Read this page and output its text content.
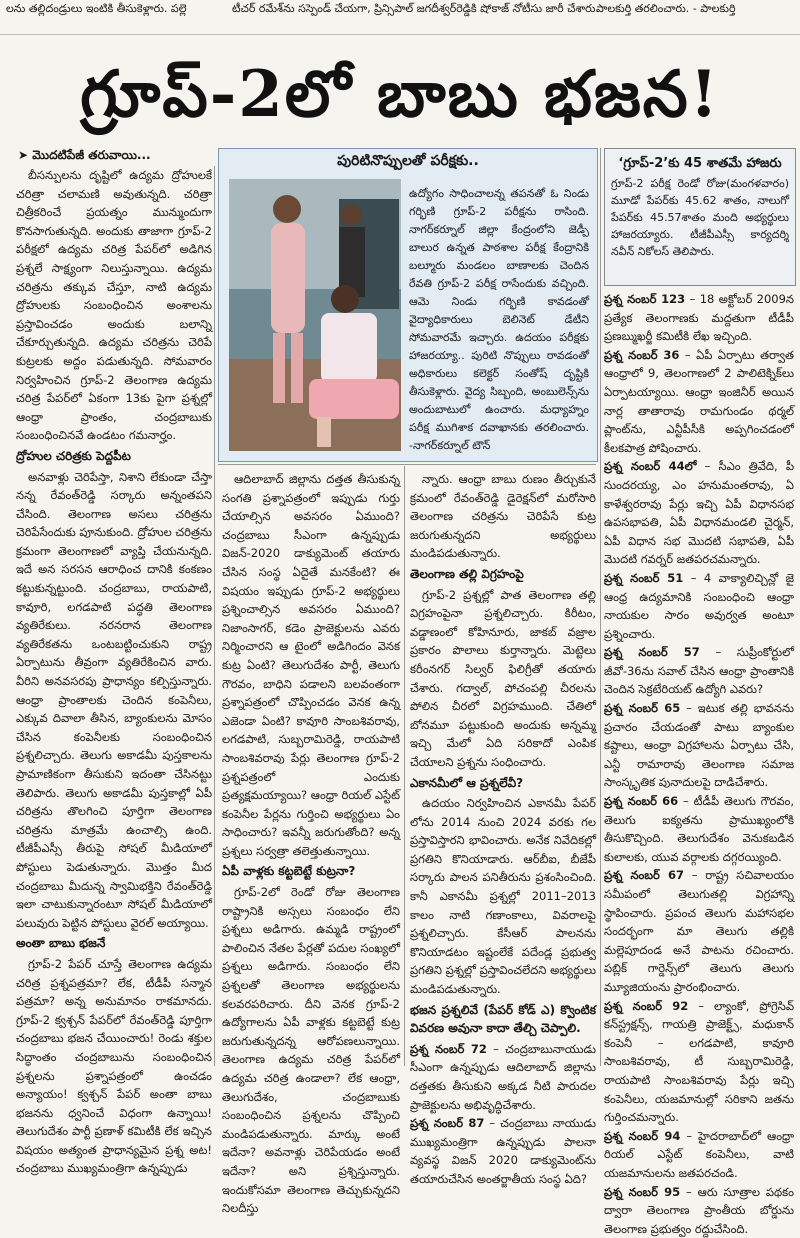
లను తల్లిదండ్రులు ఇంటికి తీసుకెళ్లారు. పల్లె	టీచర్ రమేశ్‌ను సస్పెండ్ చేయగా, ప్రిన్సిపాల్ జగదీశ్వర్‌రెడ్డికి షోకాజ్ నోటీసు జారీ చేశారు.
పాలకుర్తి తరలించారు. - పాలకుర్తి
గ్రూప్-2లో బాబు భజన!
➤ మొదటిపేజీ తరువాయి...

బీసన్పులను దృష్టిలో ఉద్యమ ద్రోహులకే చరిత్రా చలామణి అవుతున్నది. చరిత్రా చిత్రీకరించే ప్రయత్నం మున్ముందుగా కొనసాగుతున్నది. అందుకు తాజాగా గ్రూప్-2 పరీక్షలో ఉద్యమ చరిత్ర పేపర్‌లో అడిగిన ప్రశ్నలే సాక్ష్యంగా నిలుస్తున్నాయి. ఉద్యమ చరిత్రను తక్కువ చేస్తూ, నాటి ఉద్యమ ద్రోహులకు సంబంధించిన అంశాలను ప్రస్తావించడం అందుకు బలాన్ని చేకూర్చుతున్నది. ఉద్యమ చరిత్రను చెరిపే కుట్రలకు అద్దం పడుతున్నది. సోమవారం నిర్వహించిన గ్రూప్-2 తెలంగాణ ఉద్యమ చరిత్ర పేపర్‌లో ఏకంగా 13కు పైగా ప్రశ్నల్లో ఆంధ్రా ప్రాంతం, చంద్రబాబుకు సంబంధించినవే ఉండటం గమనార్హం.

ద్రోహుల చరిత్రకు పెద్దపీట

అనవాళ్లు చెరిపేస్తా, నిశాని లేకుండా చేస్తా నన్న రేవంత్‌రెడ్డి సర్కారు అన్నంతపని చేసింది. తెలంగాణ అసలు చరిత్రను చెరిపేసేందుకు పూనుకుంది. ద్రోహుల చరిత్రను క్రమంగా తెలంగాణలో వ్యాప్తి చేయనున్నది. ఇదే అన సరసన ఆరాధించ దానికి కంకణం కట్టుకున్నట్టుంది. చంద్రబాబు, రాయపాటి, కావూరి, లగడపాటి పద్ధతి తెలంగాణ వ్యతిరేకులు. నరనరాన తెలంగాణ వ్యతిరేకతను ఒంటబట్టించుకుని రాష్ట్ర ఏర్పాటును తీవ్రంగా వ్యతిరేకించిన వారు. వీరిని అనవసరపు ప్రాధాన్యం కల్పిస్తున్నారు. ఆంధ్రా ప్రాంతాలకు చెందిన కంపెనీలు, ఎక్కువ దివాలా తీసిన, బ్యాంకులను మోసం చేసిన కంపెనీలకు సంబంధించిన ప్రశ్నలిచ్చారు. తెలుగు అకాడమీ పుస్తకాలను ప్రామాణికంగా తీసుకుని ఇదంతా చేసినట్టు తెలిపారు. తెలుగు అకాడమీ పుస్తకాల్లో ఏపీ చరిత్రను తొలగించి పూర్తిగా తెలంగాణ చరిత్రను మాత్రమే ఉంచాల్సి ఉంది. టీజీపీఎస్సీ తీరుపై సోషల్ మీడియాలో పోస్టులు పెడుతున్నారు. మొత్తం మీద చంద్రబాబు మీదున్న స్వామిభక్తిని రేవంత్‌రెడ్డి ఇలా చాటుకున్నారంటూ సోషల్ మీడియాలో పలువురు పెట్టిన పోస్టులు వైరల్ అయ్యాయి.

అంతా బాబు భజనే

గ్రూప్-2 పేపర్ చూస్తే తెలంగాణ ఉద్యమ చరిత్ర ప్రశ్నపత్రమా? లేక, టీడీపీ సన్మాన పత్రమా? అన్న అనుమానం రాకమానదు. గ్రూప్-2 క్వశ్చన్ పేపర్‌లో రేవంత్‌రెడ్డి పూర్తిగా చంద్రబాబు భజన చేయించారు! రెండు శక్తుల సిద్ధాంతం చంద్రబాబును సంబంధించిన ప్రశ్నలను ప్రశ్నాపత్రంలో ఉంచడం అన్యాయం! క్వశ్చన్ పేపర్ అంతా బాబు భజనను ధ్వనించే విధంగా ఉన్నాయి! తెలుగుదేశం పార్టీ ప్రణాళ్ కమిటీకి లేక ఇచ్చిన విషయం అత్యంత ప్రాధాన్యమైన ప్రశ్న అట! చంద్రబాబు ముఖ్యమంత్రిగా ఉన్నప్పుడు

పురిటినొప్పులతో పరీక్షకు..
ఉద్యోగం సాధించాలన్న తపనతో ఓ నిండు గర్భిణి గ్రూప్-2 పరీక్షను రాసింది. నాగర్‌కర్నూల్ జిల్లా కేంద్రంలోని జెడ్పీ బాలుర ఉన్నత పాఠశాల పరీక్ష కేంద్రానికి బల్మూరు మండలం బాణాలకు చెందిన రేవతి గ్రూప్-2 పరీక్ష రాసేందుకు వచ్చింది. ఆమె నిండు గర్భిణి కావడంతో వైద్యాధికారులు బెలినెట్ డేటీని సోమవారమే ఇచ్చారు. ఉదయం పరీక్షకు హాజరయ్యా.. పురిటి నొప్పులు రావడంతో అధికారులు కలెక్టర్ సంతోష్ దృష్టికి తీసుకెళ్లారు. వైద్య సిబ్బంది, అంబులెన్స్‌ను అందుబాటులో ఉంచారు. మధ్యాహ్నం పరీక్ష ముగిశాక దవాఖానకు తరలించారు. -నాగర్‌కర్నూల్ టౌన్

ఆదిలాబాద్ జిల్లాను దత్తత తీసుకున్న సంగతి ప్రశ్నాపత్రంలో ఇప్పుడు గుర్తు చేయాల్సిన అవసరం ఏముంది? చంద్రబాబు సీఎంగా ఉన్నప్పుడు విజన్-2020 డాక్యుమెంట్ తయారు చేసిన సంస్థ ఏదైతే మనకేంటి? ఈ విషయం ఇప్పుడు గ్రూప్-2 అభ్యర్థులు ప్రశ్నించాల్సిన అవసరం ఏముంది? నిజాంసాగర్, కడెం ప్రాజెక్టులను ఎవరు నిర్మించారని ఆ టైంలో అడిగిందం వెనక కుట్ర ఏంటి? తెలుగుదేశం పార్టీ, తెలుగు గౌరవం, బాధిని పడాలని బలవంతంగా ప్రశ్నాపత్రంలో చొప్పించడం వెనక ఉన్న ఎజెండా ఏంటి? కావూరి సాంబశివరావు, లగడపాటి, సుబ్బరామిరెడ్డి, రాయపాటి సాంబశివరావు పేర్లు తెలంగాణ గ్రూప్-2 ప్రశ్నపత్రంలో ఎందుకు ప్రత్యక్షమయ్యాయి? ఆంధ్రా రియల్ ఎస్టేట్ కంపెనీల పేర్లను గుర్తించి అభ్యర్థులు ఏం సాధించారు? ఇవన్నీ జరుగుతోంది? అన్న ప్రశ్నలు సర్వత్రా తలెత్తుతున్నాయి.

ఏపీ వాళ్లకు కట్టబెట్టే కుట్రనా?

గ్రూప్-2లో రెండో రోజు తెలంగాణ రాష్ట్రానికి అస్సలు సంబంధం లేని ప్రశ్నలు అడిగారు. ఉమ్మడి రాష్ట్రంలో పాలించిన నేతల పేర్లతో పదుల సంఖ్యలో ప్రశ్నలు అడిగారు. సంబంధం లేని ప్రశ్నలతో తెలంగాణ అభ్యర్థులను కలవరపరిచారు. దీని వెనక గ్రూప్-2 ఉద్యోగాలను ఏపీ వాళ్లకు కట్టబెట్టే కుట్ర జరుగుతున్నదన్న ఆరోపణలున్నాయి. తెలంగాణ ఉద్యమ చరిత్ర పేపర్‌లో ఉద్యమ చరిత్ర ఉండాలా? లేక ఆంధ్రా, తెలుగుదేశం, చంద్రబాబుకు సంబంధించిన ప్రశ్నలను చొప్పించి మండిపడుతున్నారు. మార్కు అంటే ఇదేనా? అవనాళ్లు చెరిపేయడం అంటే ఇదేనా? అని ప్రశ్నిస్తున్నారు. ఇందుకోసమా తెలంగాణ తెచ్చుకున్నదని నిలదీస్తు

న్నారు. ఆంధ్రా బాబు రుణం తీర్చుకునే క్రమంలో రేవంత్‌రెడ్డి డైరెక్షన్‌లో మరోసారి తెలంగాణ చరిత్రను చెరిపేసే కుట్ర జరుగుతున్నదని అభ్యర్థులు మండిపడుతున్నారు.

తెలంగాణ తల్లి విగ్రహంపై

గ్రూప్-2 ప్రశ్నల్లో పాత తెలంగాణ తల్లి విగ్రహంపైనా ప్రశ్నలిచ్చారు. కిరీటం, వడ్డాణంలో కోహినూరు, జాకబ్ వజ్రాల ప్రకారం పొలాలు కుర్తాన్నారు. మెట్టెలు కరీంనగర్ సిల్వర్ ఫిలిగ్రీతో తయారు చేశారు. గద్వాల్, పోచంపల్లి చీరలను పోలిన చీరలో విగ్రహముంది. చేతిలో బోనమూ పట్టుకుంది అందుకు అన్నమ్మ ఇచ్చి మేలో ఏది సరికాదో ఎంపిక చేయాలని ప్రశ్నను సంధించారు.

ఎకానమీలో ఆ ప్రశ్నలేవీ?

ఉదయం నిర్వహించిన ఎకానమీ పేపర్ లోను 2014 నుంచి 2024 వరకు గల ప్రస్తావిస్తారని భావించారు. అనేక నివేదికల్లో ప్రగతిని కొనియాడారు. ఆర్‌బీఐ, బీజేపీ సర్కారు పాలన పనితీరును ప్రశంసించింది. కానీ ఎకానమీ ప్రశ్నల్లో 2011–2013 కాలం నాటి గణాంకాలు, వివరాలపై ప్రశ్నలిచ్చారు. కేసీఆర్ పాలనను కొనియాడటం ఇష్టంలేకే పదేండ్ల ప్రభుత్వ ప్రగతిని ప్రశ్నల్లో ప్రస్తావించలేదని అభ్యర్థులు మండిపడుతున్నారు.

భజన ప్రశ్నలివే (పేపర్ కోడ్ ఎ) క్వొంటిక వివరణ అవునా కాదా తేల్చి చెప్పాలి.

ప్రశ్న నంబర్ 72 – చంద్రబాబునాయుడు సీఎంగా ఉన్నప్పుడు ఆదిలాబాద్ జిల్లాను దత్తతకు తీసుకుని అక్కడ నీటి పారుదల ప్రాజెక్టులను అభివృద్ధిచేశారు.

ప్రశ్న నంబర్ 87 – చంద్రబాబు నాయుడు ముఖ్యమంత్రిగా ఉన్నప్పుడు పాలనా వ్యవస్థ విజన్ 2020 డాక్యుమెంట్‌ను తయారుచేసిన అంతర్జాతీయ సంస్థ ఏది?

‘గ్రూప్-2’కు 45 శాతమే హాజరు
గ్రూప్-2 పరీక్ష రెండో రోజు(మంగళవారం) మూడో పేపర్‌కు 45.62 శాతం, నాలుగో పేపర్‌కు 45.57శాతం మంది అభ్యర్థులు హాజరయ్యారు. టీజీపీఎస్సీ కార్యదర్శి నవీన్ నికోలస్ తెలిపారు.

ప్రశ్న నంబర్ 123 – 18 అక్టోబర్ 2009న ప్రత్యేక తెలంగాణకు మద్దతుగా టీడీపీ ప్రణబ్ముఖర్జీ కమిటీకి లేఖ ఇచ్చింది.

ప్రశ్న నంబర్ 36 – ఏపీ ఏర్పాటు తర్వాత ఆంధ్రాలో 9, తెలంగాణలో 2 పాలిటెక్నిక్‌లు ఏర్పాటయ్యాయి. ఆంధ్రా ఇంజినీర్ అయిన నార్ల తాతారావు రామగుండం థర్మల్ ప్లాంట్‌ను, ఎన్టీపీసీకి అప్పగించడంలో కీలకపాత్ర పోషించారు.

ప్రశ్న నంబర్ 44లో – సీఎం త్రివేది, పీ సుందరయ్య, ఎం హనుమంతరావు, ఏ కాళేశ్వరరావు పేర్లు ఇచ్చి ఏపీ విధానసభ ఉపసభాపతి, ఏపీ విధానమండలి చైర్మన్, ఏపీ విధాన సభ మొదటి సభాపతి, ఏపీ మొదటి గవర్నర్ జతపరచమన్నారు.

ప్రశ్న నంబర్ 51 – 4 వాక్యాలిచ్చిన్లో జై ఆంధ్ర ఉద్యమానికి సంబంధించి ఆంధ్రా నాయకుల సారం అవుర్వత అంటూ ప్రశ్నించారు.

ప్రశ్న నంబర్ 57 – సుప్రీంకోర్టులో జీవో-36ను సవాల్ చేసిన ఆంధ్రా ప్రాంతానికి చెందిన సెక్రటేరియట్ ఉద్యోగి ఎవరు?

ప్రశ్న నంబర్ 65 – ఇటుక తల్లి భావనను ప్రచారం చేయడంతో పాటు బ్యాంకుల కష్టాలు, ఆంధ్రా విగ్రహాలను ఏర్పాటు చేసి, ఎన్టీ రామారావు తెలంగాణ సమాజ సాంస్కృతిక పునాదులపై దాడిచేశారు.

ప్రశ్న నంబర్ 66 – టీడీపీ తెలుగు గౌరవం, తెలుగు ఐక్యతను ప్రాముఖ్యంలోకి తీసుకొచ్చింది. తెలుగుదేశం వెనుకబడిన కులాలకు, యువ వర్గాలకు దగ్గరయ్యింది.

ప్రశ్న నంబర్ 67 – రాష్ట్ర సచివాలయం సమీపంలో తెలుగుతల్లి విగ్రహాన్ని స్థాపించారు. ప్రపంచ తెలుగు మహాసభల సందర్భంగా మా తెలుగు తల్లికి మల్లెపూదండ అనే పాటను రచించారు. పబ్లిక్ గార్డెన్స్‌లో తెలుగు తెలుగు మ్యూజియంను ప్రారంభించారు.

ప్రశ్న నంబర్ 92 – ల్యాంకో, ప్రోగ్రెసివ్ కన్‌స్ట్రక్షన్స్, గాయత్రి ప్రాజెక్ట్స్, మధుకాన్ కంపెనీ – లగడపాటి, కావూరి సాంబశివరావు, టీ సుబ్బరామిరెడ్డి, రాయపాటి సాంబశివరావు పేర్లు ఇచ్చి కంపెనీలు, యజమానుల్లో సరికాని జతను గుర్తించమన్నారు.

ప్రశ్న నంబర్ 94 – హైదరాబాద్‌లో ఆంధ్రా రియల్ ఎస్టేట్ కంపెనీలు, వాటి యజమానులను జతపరచండి.

ప్రశ్న నంబర్ 95 – ఆరు సూత్రాల పథకం ద్వారా తెలంగాణ ప్రాంతీయ బోర్డును తెలంగాణ ప్రభుత్వం రద్దుచేసింది.
